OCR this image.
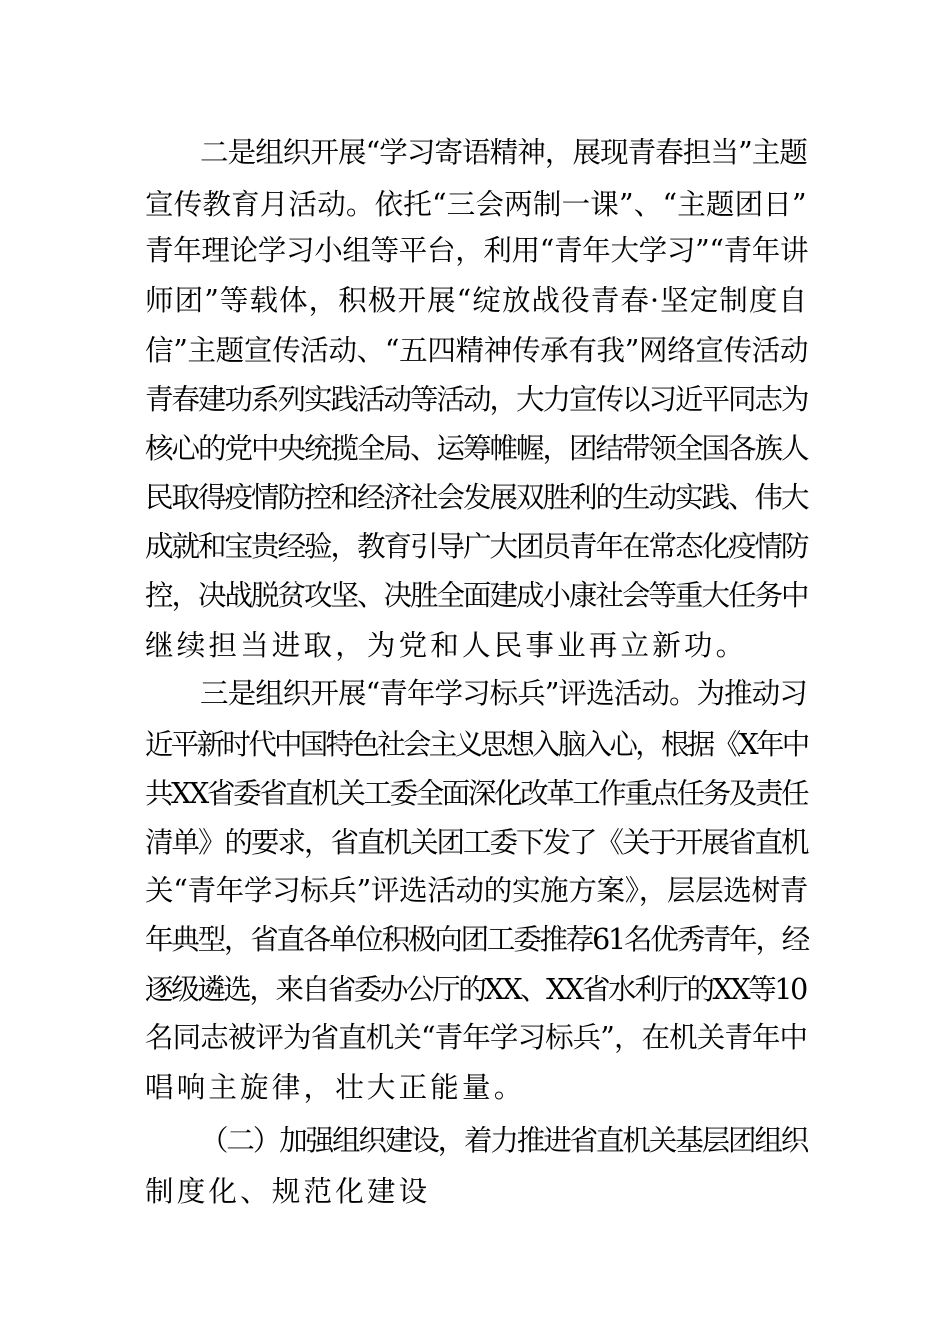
二是组织开展“学习寄语精神，展现青春担当”主题
宣传教育月活动。依托“三会两制一课”、“主题团日”
青年理论学习小组等平台，利用“青年大学习”“青年讲
师团”等载体，积极开展“绽放战役青春·坚定制度自
信”主题宣传活动、“五四精神传承有我”网络宣传活动
青春建功系列实践活动等活动，大力宣传以习近平同志为
核心的党中央统揽全局、运筹帷幄，团结带领全国各族人
民取得疫情防控和经济社会发展双胜利的生动实践、伟大
成就和宝贵经验，教育引导广大团员青年在常态化疫情防
控，决战脱贫攻坚、决胜全面建成小康社会等重大任务中
继续担当进取，为党和人民事业再立新功。
三是组织开展“青年学习标兵”评选活动。为推动习
近平新时代中国特色社会主义思想入脑入心，根据《X年中
共XX省委省直机关工委全面深化改革工作重点任务及责任
清单》的要求，省直机关团工委下发了《关于开展省直机
关“青年学习标兵”评选活动的实施方案》，层层选树青
年典型，省直各单位积极向团工委推荐61名优秀青年，经
逐级遴选，来自省委办公厅的XX、XX省水利厅的XX等10
名同志被评为省直机关“青年学习标兵”，在机关青年中
唱响主旋律，壮大正能量。
（二）加强组织建设，着力推进省直机关基层团组织
制度化、规范化建设
